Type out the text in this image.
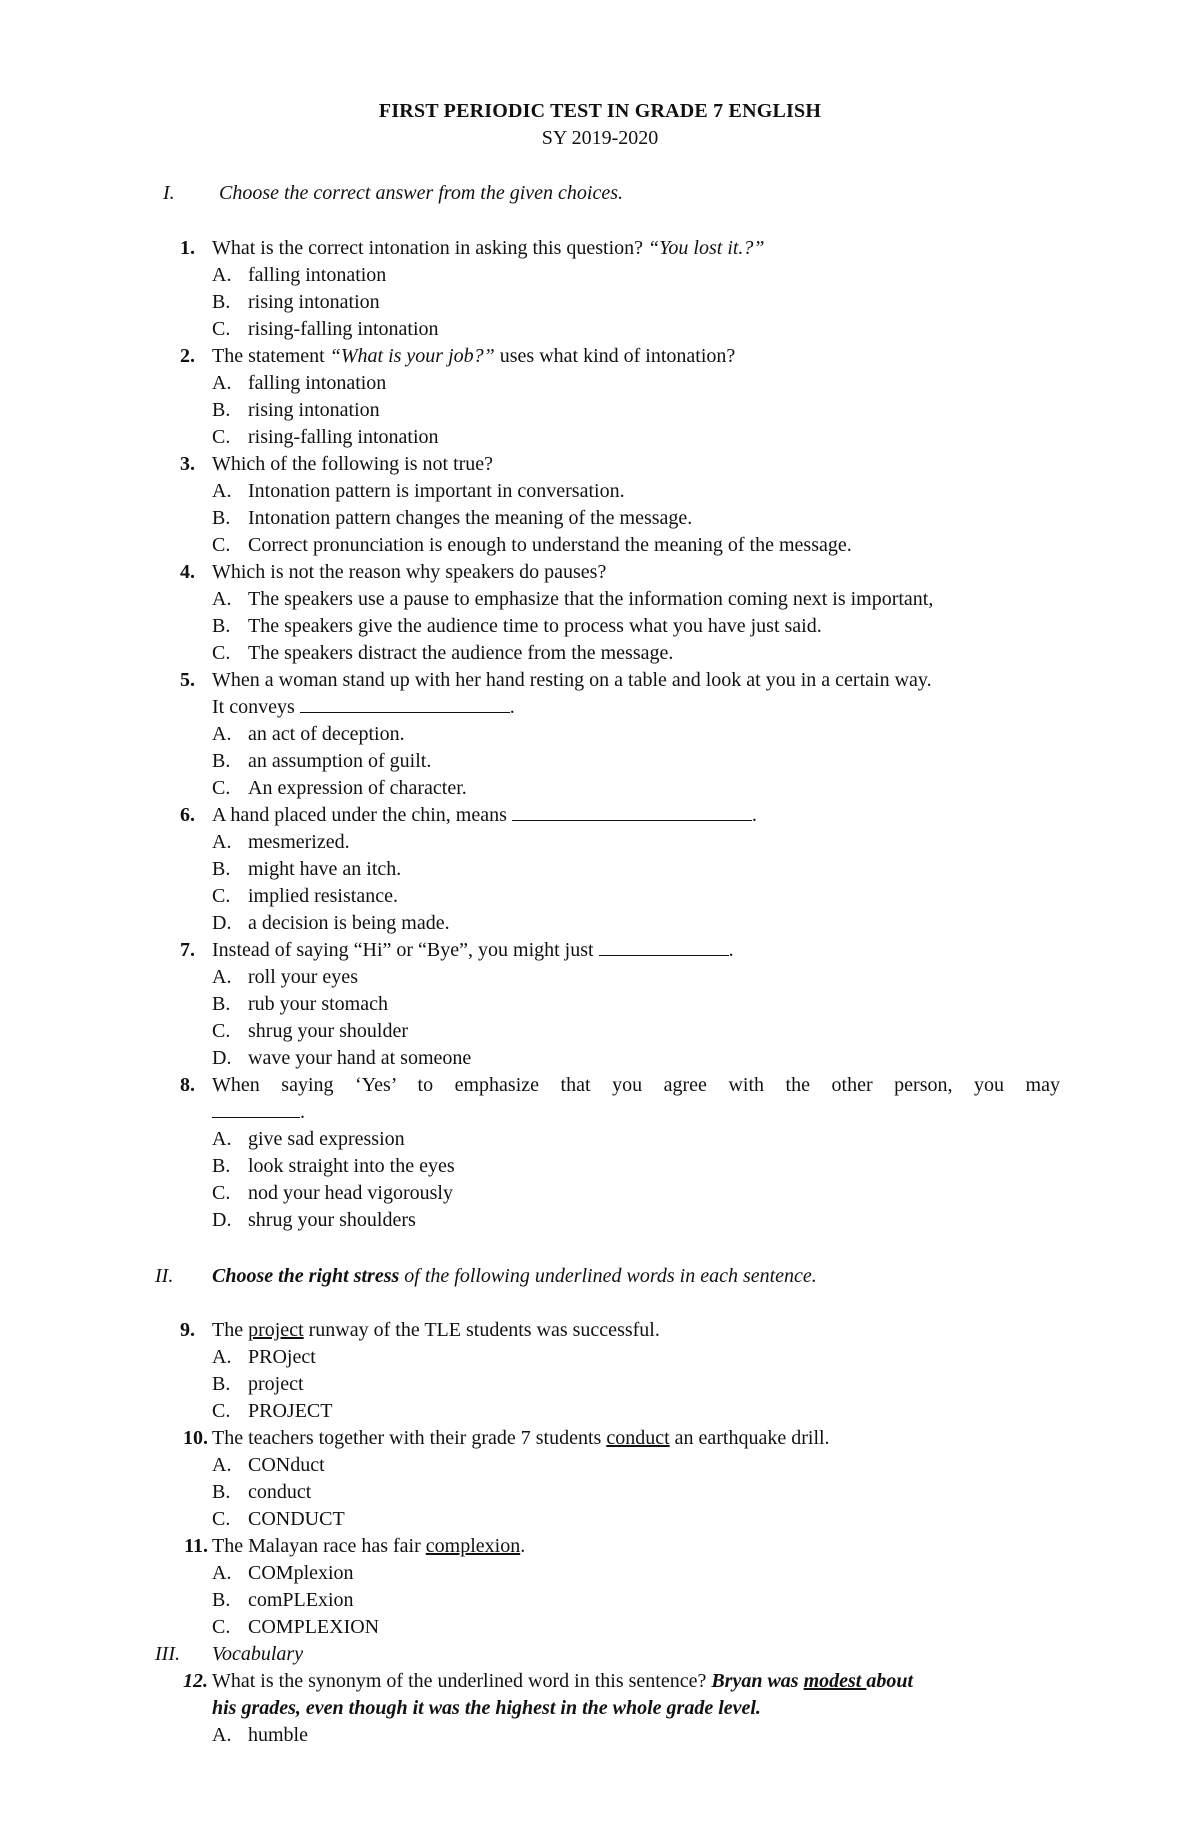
FIRST PERIODIC TEST IN GRADE 7 ENGLISH
SY 2019-2020
I. Choose the correct answer from the given choices.
1. What is the correct intonation in asking this question? “You lost it.?”
A. falling intonation
B. rising intonation
C. rising-falling intonation
2. The statement “What is your job?” uses what kind of intonation?
A. falling intonation
B. rising intonation
C. rising-falling intonation
3. Which of the following is not true?
A. Intonation pattern is important in conversation.
B. Intonation pattern changes the meaning of the message.
C. Correct pronunciation is enough to understand the meaning of the message.
4. Which is not the reason why speakers do pauses?
A. The speakers use a pause to emphasize that the information coming next is important,
B. The speakers give the audience time to process what you have just said.
C. The speakers distract the audience from the message.
5. When a woman stand up with her hand resting on a table and look at you in a certain way.
It conveys	.
A. an act of deception.
B. an assumption of guilt.
C. An expression of character.
6. A hand placed under the chin, means	.
A. mesmerized.
B. might have an itch.
C. implied resistance.
D. a decision is being made.
7. Instead of saying “Hi” or “Bye”, you might just	.
A. roll your eyes
B. rub your stomach
C. shrug your shoulder
D. wave your hand at someone
8. When saying ‘Yes’ to emphasize that you agree with the other person, you may
.
A. give sad expression
B. look straight into the eyes
C. nod your head vigorously
D. shrug your shoulders
II. Choose the right stress of the following underlined words in each sentence.
9. The project runway of the TLE students was successful.
A. PROject
B. project
C. PROJECT
10. The teachers together with their grade 7 students conduct an earthquake drill.
A. CONduct
B. conduct
C. CONDUCT
11. The Malayan race has fair complexion.
A. COMplexion
B. comPLExion
C. COMPLEXION
III. Vocabulary
12. What is the synonym of the underlined word in this sentence? Bryan was modest about
his grades, even though it was the highest in the whole grade level.
A. humble
